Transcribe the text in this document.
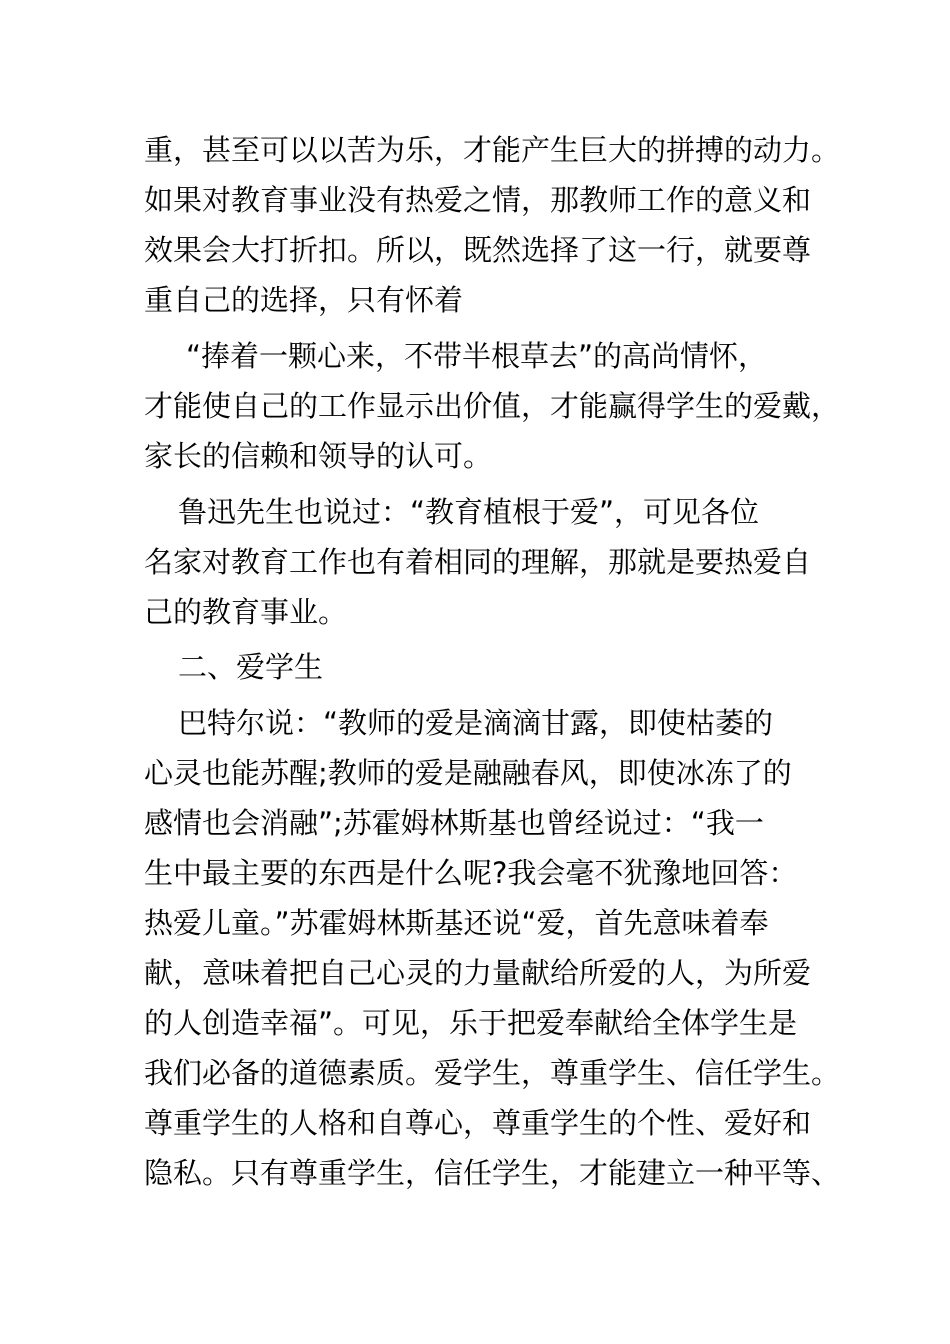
重，甚至可以以苦为乐，才能产生巨大的拼搏的动力。
如果对教育事业没有热爱之情，那教师工作的意义和
效果会大打折扣。所以，既然选择了这一行，就要尊
重自己的选择，只有怀着
“捧着一颗心来，不带半根草去”的高尚情怀，
才能使自己的工作显示出价值，才能赢得学生的爱戴，
家长的信赖和领导的认可。
鲁迅先生也说过：“教育植根于爱”，可见各位
名家对教育工作也有着相同的理解，那就是要热爱自
己的教育事业。
二、爱学生
巴特尔说：“教师的爱是滴滴甘露，即使枯萎的
心灵也能苏醒;教师的爱是融融春风，即使冰冻了的
感情也会消融”;苏霍姆林斯基也曾经说过：“我一
生中最主要的东西是什么呢?我会毫不犹豫地回答：
热爱儿童。”苏霍姆林斯基还说“爱，首先意味着奉
献，意味着把自己心灵的力量献给所爱的人，为所爱
的人创造幸福”。可见，乐于把爱奉献给全体学生是
我们必备的道德素质。爱学生，尊重学生、信任学生。
尊重学生的人格和自尊心，尊重学生的个性、爱好和
隐私。只有尊重学生，信任学生，才能建立一种平等、
